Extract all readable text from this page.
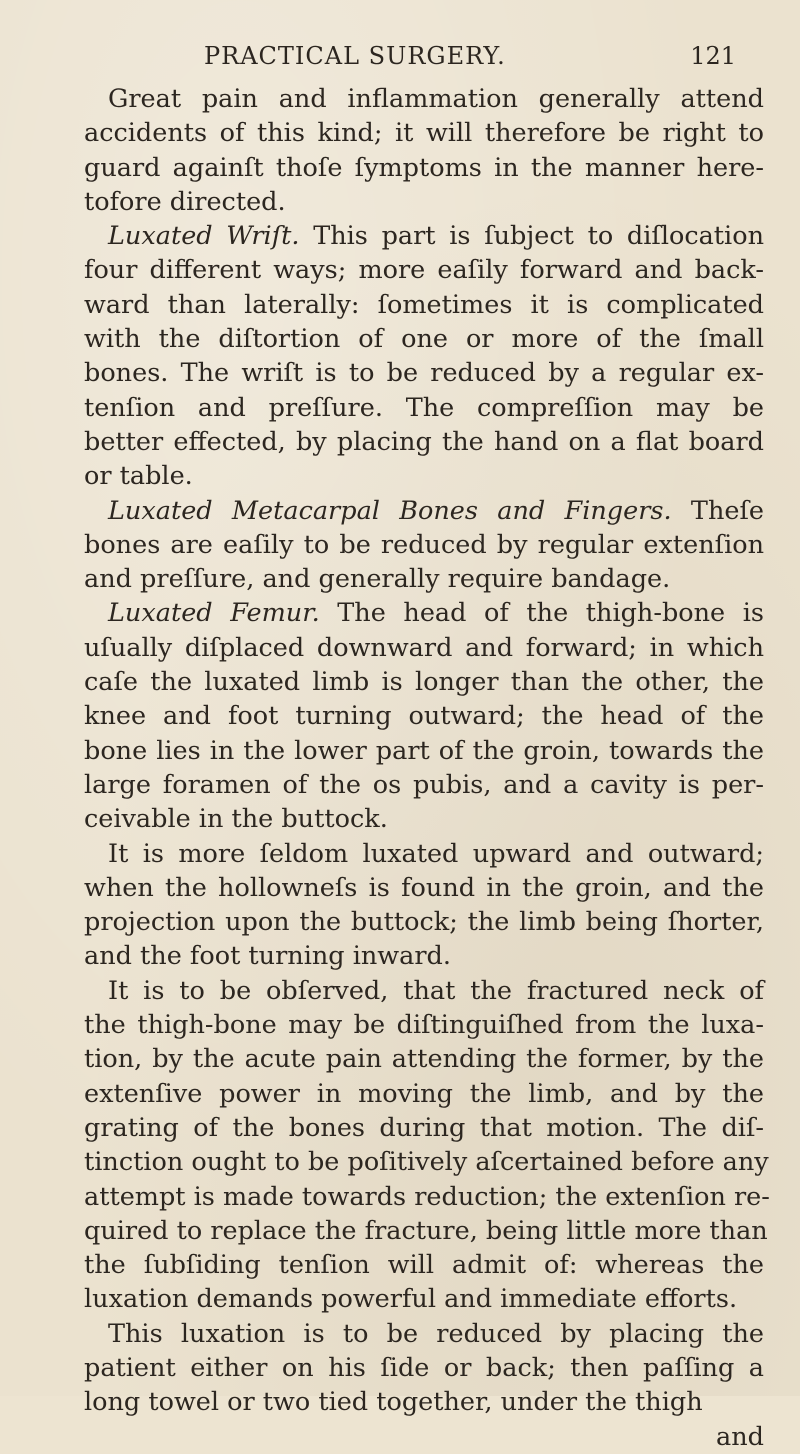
PRACTICAL SURGERY.	121
Great pain and inflammation generally attend
accidents of this kind; it will therefore be right to
guard againſt thoſe ſymptoms in the manner here-
tofore directed.
Luxated Wriſt. This part is ſubject to diſlocation
four different ways; more eaſily forward and back-
ward than laterally: ſometimes it is complicated
with the diſtortion of one or more of the ſmall
bones. The wriſt is to be reduced by a regular ex-
tenſion and preſſure. The compreſſion may be
better effected, by placing the hand on a flat board
or table.
Luxated Metacarpal Bones and Fingers. Theſe
bones are eaſily to be reduced by regular extenſion
and preſſure, and generally require bandage.
Luxated Femur. The head of the thigh-bone is
uſually diſplaced downward and forward; in which
caſe the luxated limb is longer than the other, the
knee and foot turning outward; the head of the
bone lies in the lower part of the groin, towards the
large foramen of the os pubis, and a cavity is per-
ceivable in the buttock.
It is more ſeldom luxated upward and outward;
when the hollowneſs is found in the groin, and the
projection upon the buttock; the limb being ſhorter,
and the foot turning inward.
It is to be obſerved, that the fractured neck of
the thigh-bone may be diſtinguiſhed from the luxa-
tion, by the acute pain attending the former, by the
extenſive power in moving the limb, and by the
grating of the bones during that motion. The diſ-
tinction ought to be poſitively aſcertained before any
attempt is made towards reduction; the extenſion re-
quired to replace the fracture, being little more than
the ſubſiding tenſion will admit of: whereas the
luxation demands powerful and immediate efforts.
This luxation is to be reduced by placing the
patient either on his ſide or back; then paſſing a
long towel or two tied together, under the thigh
and
